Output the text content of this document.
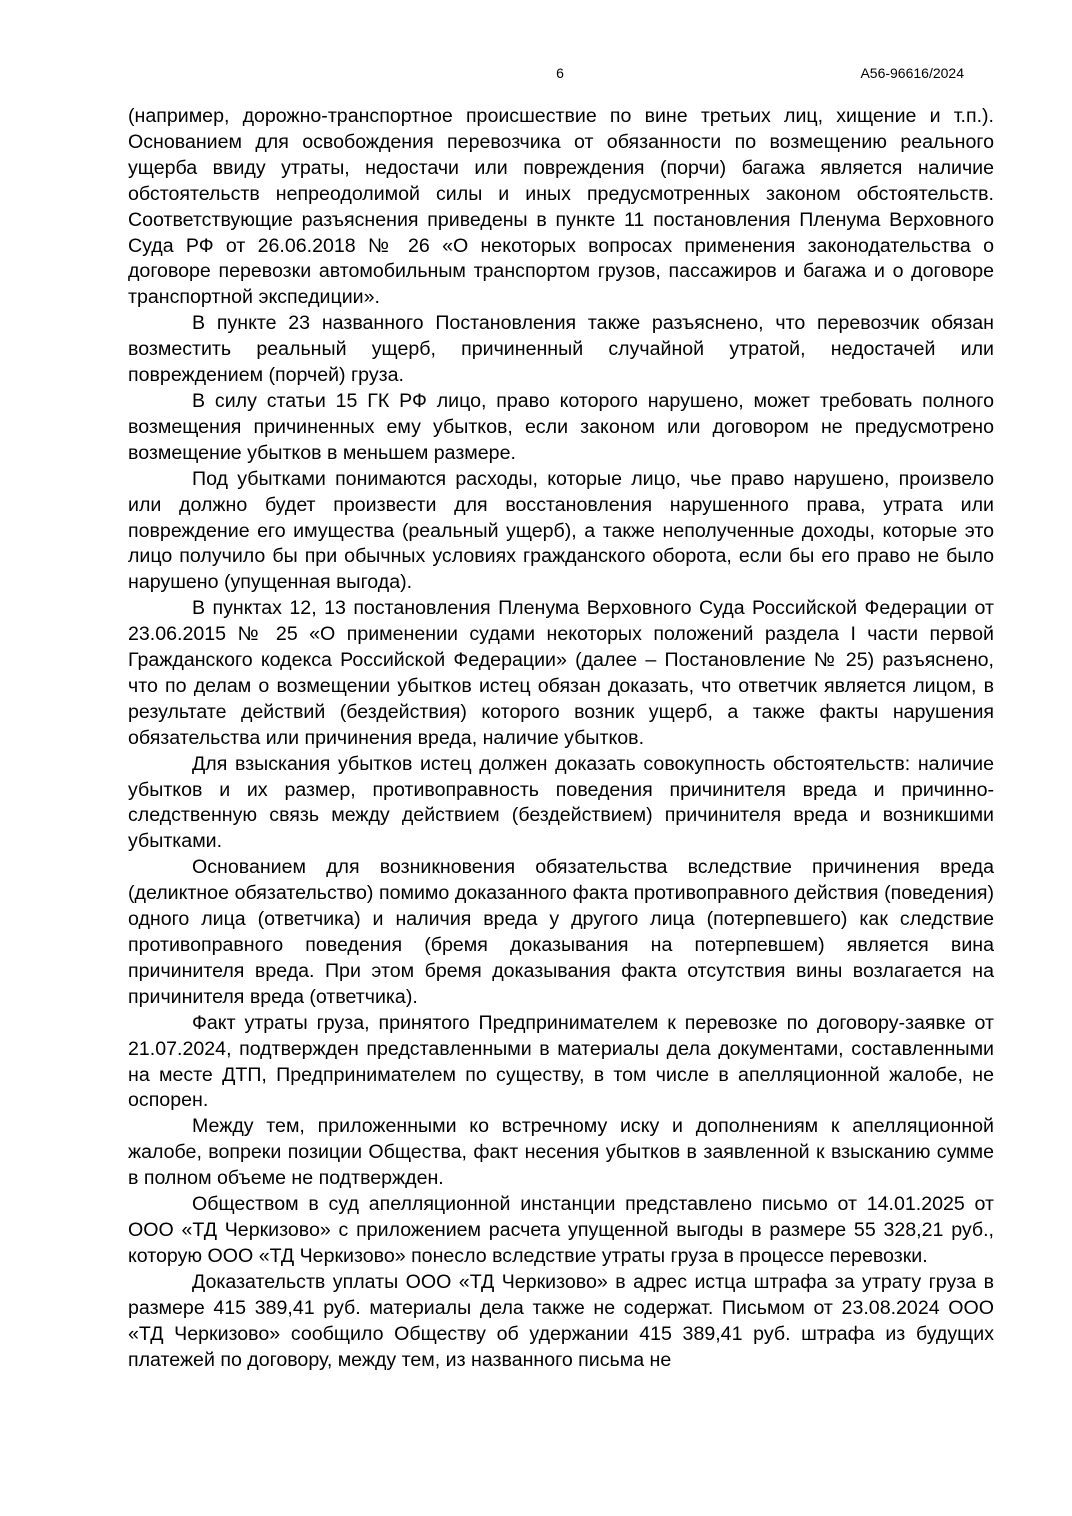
6	А56-96616/2024

(например, дорожно-транспортное происшествие по вине третьих лиц, хищение и т.п.). Основанием для освобождения перевозчика от обязанности по возмещению реального ущерба ввиду утраты, недостачи или повреждения (порчи) багажа является наличие обстоятельств непреодолимой силы и иных предусмотренных законом обстоятельств. Соответствующие разъяснения приведены в пункте 11 постановления Пленума Верховного Суда РФ от 26.06.2018 № 26 «О некоторых вопросах применения законодательства о договоре перевозки автомобильным транспортом грузов, пассажиров и багажа и о договоре транспортной экспедиции».

В пункте 23 названного Постановления также разъяснено, что перевозчик обязан возместить реальный ущерб, причиненный случайной утратой, недостачей или повреждением (порчей) груза.

В силу статьи 15 ГК РФ лицо, право которого нарушено, может требовать полного возмещения причиненных ему убытков, если законом или договором не предусмотрено возмещение убытков в меньшем размере.

Под убытками понимаются расходы, которые лицо, чье право нарушено, произвело или должно будет произвести для восстановления нарушенного права, утрата или повреждение его имущества (реальный ущерб), а также неполученные доходы, которые это лицо получило бы при обычных условиях гражданского оборота, если бы его право не было нарушено (упущенная выгода).

В пунктах 12, 13 постановления Пленума Верховного Суда Российской Федерации от 23.06.2015 № 25 «О применении судами некоторых положений раздела I части первой Гражданского кодекса Российской Федерации» (далее – Постановление № 25) разъяснено, что по делам о возмещении убытков истец обязан доказать, что ответчик является лицом, в результате действий (бездействия) которого возник ущерб, а также факты нарушения обязательства или причинения вреда, наличие убытков.

Для взыскания убытков истец должен доказать совокупность обстоятельств: наличие убытков и их размер, противоправность поведения причинителя вреда и причинно-следственную связь между действием (бездействием) причинителя вреда и возникшими убытками.

Основанием для возникновения обязательства вследствие причинения вреда (деликтное обязательство) помимо доказанного факта противоправного действия (поведения) одного лица (ответчика) и наличия вреда у другого лица (потерпевшего) как следствие противоправного поведения (бремя доказывания на потерпевшем) является вина причинителя вреда. При этом бремя доказывания факта отсутствия вины возлагается на причинителя вреда (ответчика).

Факт утраты груза, принятого Предпринимателем к перевозке по договору-заявке от 21.07.2024, подтвержден представленными в материалы дела документами, составленными на месте ДТП, Предпринимателем по существу, в том числе в апелляционной жалобе, не оспорен.

Между тем, приложенными ко встречному иску и дополнениям к апелляционной жалобе, вопреки позиции Общества, факт несения убытков в заявленной к взысканию сумме в полном объеме не подтвержден.

Обществом в суд апелляционной инстанции представлено письмо от 14.01.2025 от ООО «ТД Черкизово» с приложением расчета упущенной выгоды в размере 55 328,21 руб., которую ООО «ТД Черкизово» понесло вследствие утраты груза в процессе перевозки.

Доказательств уплаты ООО «ТД Черкизово» в адрес истца штрафа за утрату груза в размере 415 389,41 руб. материалы дела также не содержат. Письмом от 23.08.2024 ООО «ТД Черкизово» сообщило Обществу об удержании 415 389,41 руб. штрафа из будущих платежей по договору, между тем, из названного письма не
